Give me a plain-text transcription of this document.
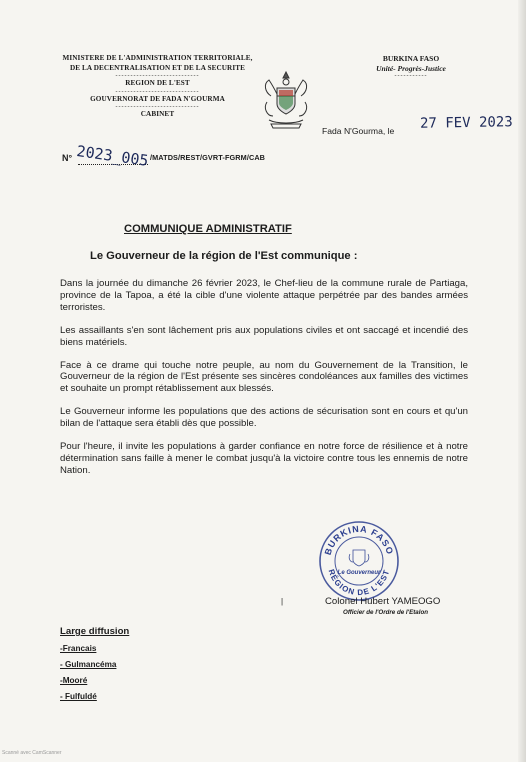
MINISTERE DE L'ADMINISTRATION TERRITORIALE,
DE LA DECENTRALISATION ET DE LA SECURITE
----------------------------
REGION DE L'EST
----------------------------
GOUVERNORAT DE FADA N'GOURMA
----------------------------
CABINET
BURKINA FASO
Unité- Progrès-Justice
-----------
Fada N'Gourma, le 27 FEV 2023
N° 2023_005 /MATDS/REST/GVRT-FGRM/CAB
COMMUNIQUE ADMINISTRATIF
Le Gouverneur de la région de l'Est communique :

Dans la journée du dimanche 26 février 2023, le Chef-lieu de la commune rurale de Partiaga, province de la Tapoa, a été la cible d'une violente attaque perpétrée par des bandes armées terroristes.

Les assaillants s'en sont lâchement pris aux populations civiles et ont saccagé et incendié des biens matériels.

Face à ce drame qui touche notre peuple, au nom du Gouvernement de la Transition, le Gouverneur de la région de l'Est présente ses sincères condoléances aux familles des victimes et souhaite un prompt rétablissement aux blessés.

Le Gouverneur informe les populations que des actions de sécurisation sont en cours et qu'un bilan de l'attaque sera établi dès que possible.

Pour l'heure, il invite les populations à garder confiance en notre force de résilience et à notre détermination sans faille à mener le combat jusqu'à la victoire contre tous les ennemis de notre Nation.

BURKINA FASO
RÉGION DE L'EST
Le Gouverneur
|	Colonel Hubert YAMEOGO
Officier de l'Ordre de l'Etalon
Large diffusion
-Francais
- Gulmancéma
-Mooré
- Fulfuldé
Scanné avec CamScanner
